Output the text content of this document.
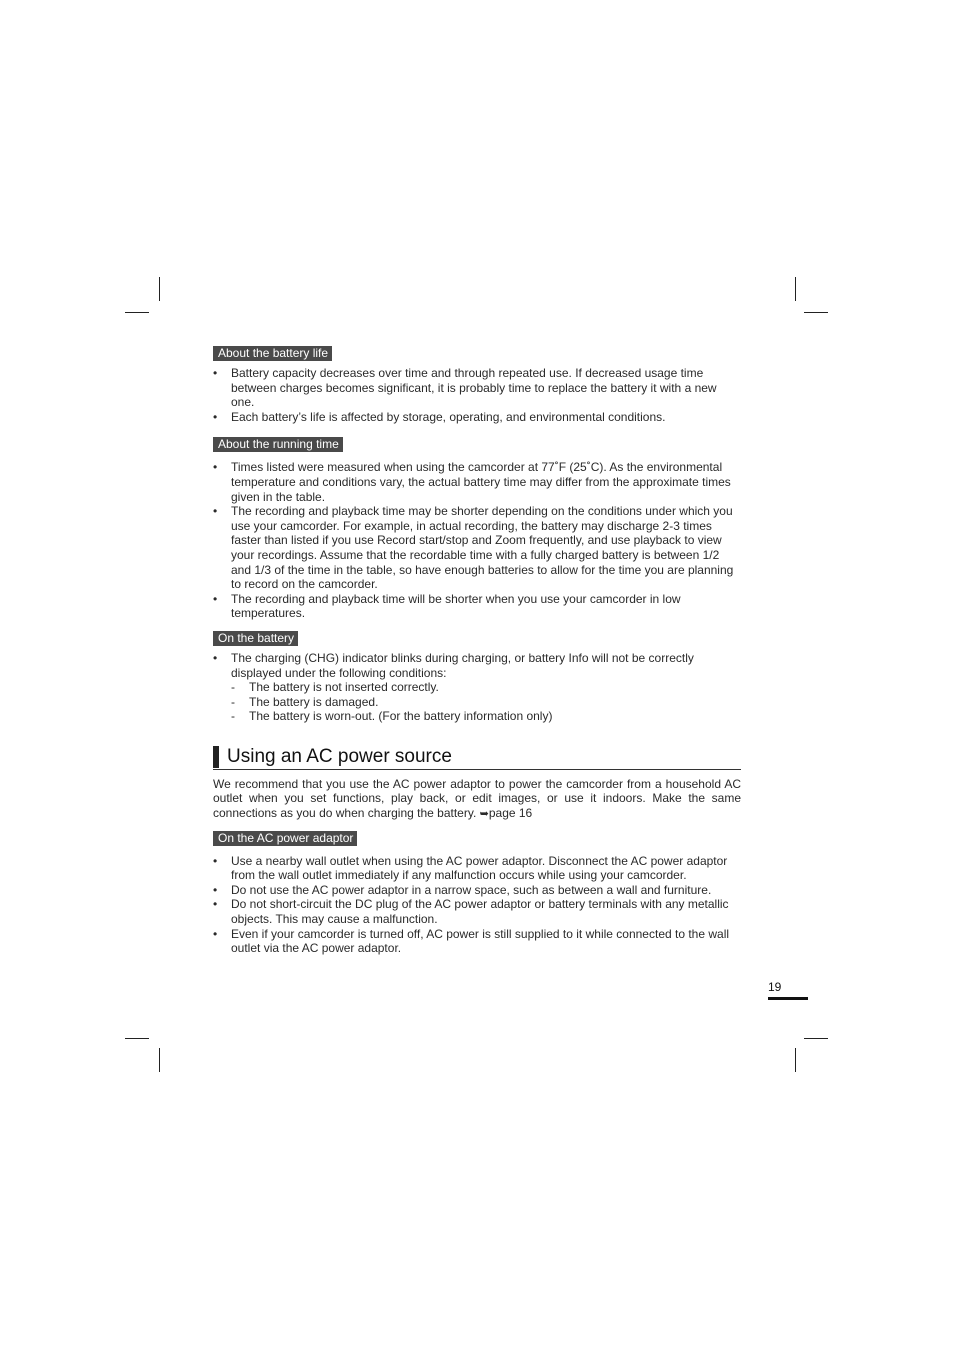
About the battery life
• Battery capacity decreases over time and through repeated use. If decreased usage time between charges becomes significant, it is probably time to replace the battery it with a new one.
• Each battery’s life is affected by storage, operating, and environmental conditions.
About the running time
• Times listed were measured when using the camcorder at 77˚F (25˚C). As the environmental temperature and conditions vary, the actual battery time may differ from the approximate times given in the table.
• The recording and playback time may be shorter depending on the conditions under which you use your camcorder. For example, in actual recording, the battery may discharge 2-3 times faster than listed if you use Record start/stop and Zoom frequently, and use playback to view your recordings. Assume that the recordable time with a fully charged battery is between 1/2 and 1/3 of the time in the table, so have enough batteries to allow for the time you are planning to record on the camcorder.
• The recording and playback time will be shorter when you use your camcorder in low temperatures.
On the battery
• The charging (CHG) indicator blinks during charging, or battery Info will not be correctly displayed under the following conditions:
- The battery is not inserted correctly.
- The battery is damaged.
- The battery is worn-out. (For the battery information only)
Using an AC power source

We recommend that you use the AC power adaptor to power the camcorder from a household AC outlet when you set functions, play back, or edit images, or use it indoors. Make the same connections as you do when charging the battery. ➥page 16

On the AC power adaptor
• Use a nearby wall outlet when using the AC power adaptor. Disconnect the AC power adaptor from the wall outlet immediately if any malfunction occurs while using your camcorder.
• Do not use the AC power adaptor in a narrow space, such as between a wall and furniture.
• Do not short-circuit the DC plug of the AC power adaptor or battery terminals with any metallic objects. This may cause a malfunction.
• Even if your camcorder is turned off, AC power is still supplied to it while connected to the wall outlet via the AC power adaptor.
19
